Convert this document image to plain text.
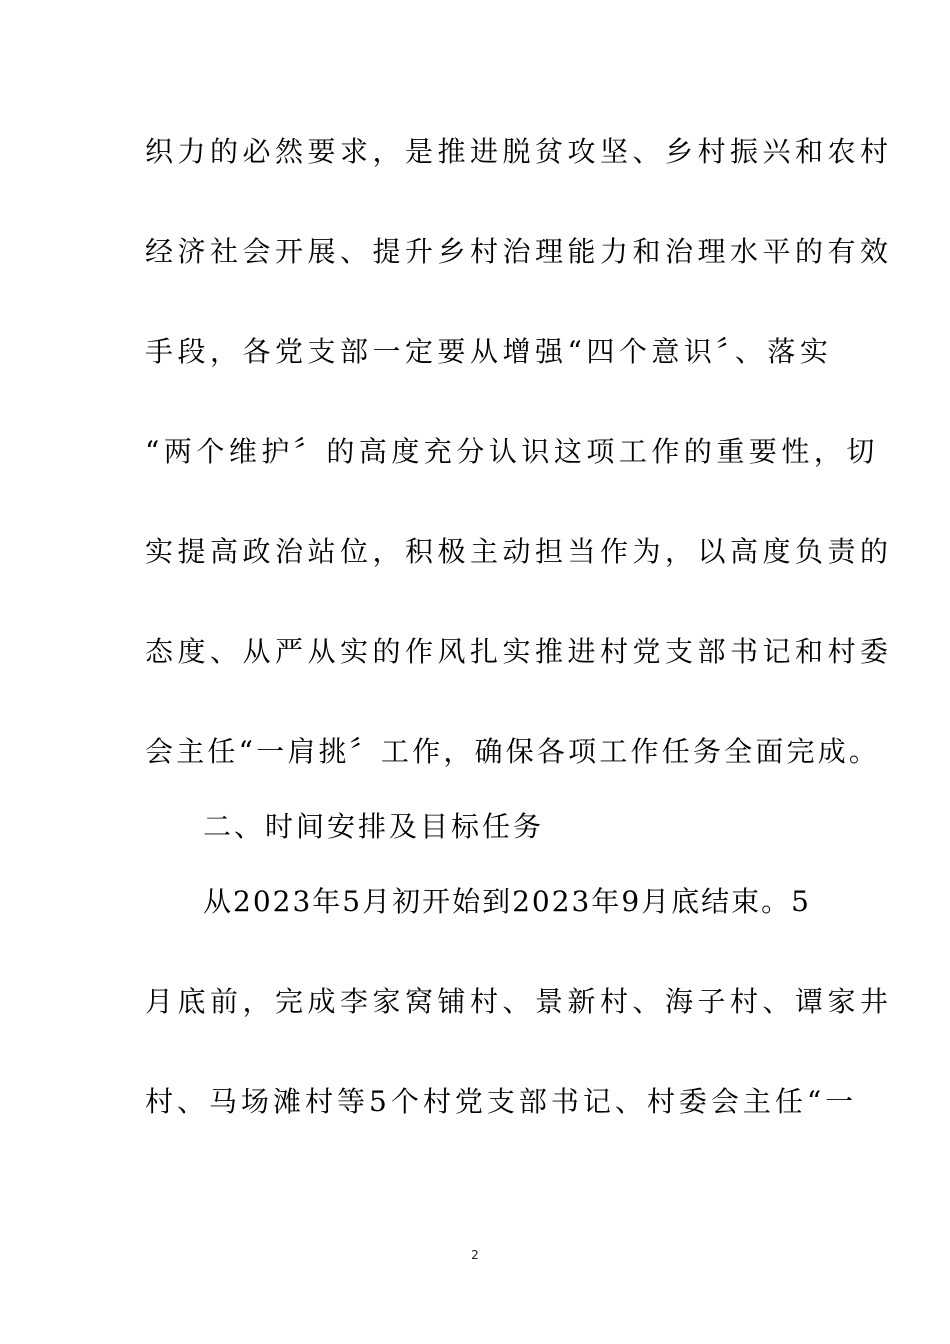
织力的必然要求，是推进脱贫攻坚、乡村振兴和农村
经济社会开展、提升乡村治理能力和治理水平的有效
手段，各党支部一定要从增强“四个意识〞、落实
“两个维护〞的高度充分认识这项工作的重要性，切
实提高政治站位，积极主动担当作为，以高度负责的
态度、从严从实的作风扎实推进村党支部书记和村委
会主任“一肩挑〞工作，确保各项工作任务全面完成。
二、时间安排及目标任务
从2023年5月初开始到2023年9月底结束。5
月底前，完成李家窝铺村、景新村、海子村、谭家井
村、马场滩村等5个村党支部书记、村委会主任“一
2
